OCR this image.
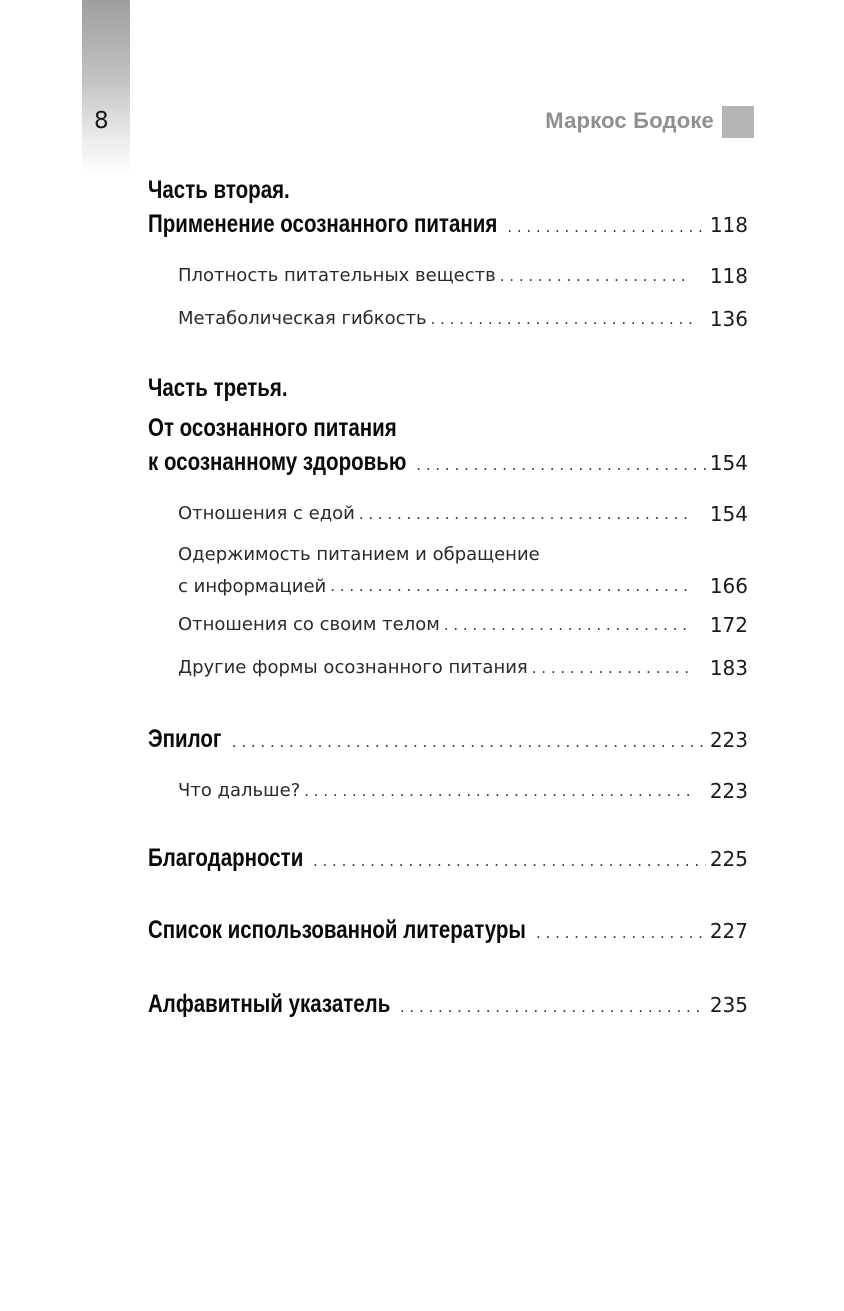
8	Маркос Бодоке
Часть вторая.
Применение осознанного питания . . .	118
Плотность питательных веществ . . .	118
Метаболическая гибкость . . .	136
Часть третья.
От осознанного питания
к осознанному здоровью . . .	154
Отношения с едой . . .	154
Одержимость питанием и обращение
с информацией . . .	166
Отношения со своим телом . . .	172
Другие формы осознанного питания . . .	183
Эпилог . . .	223
Что дальше? . . .	223
Благодарности . . .	225
Список использованной литературы . . .	227
Алфавитный указатель . . .	235
